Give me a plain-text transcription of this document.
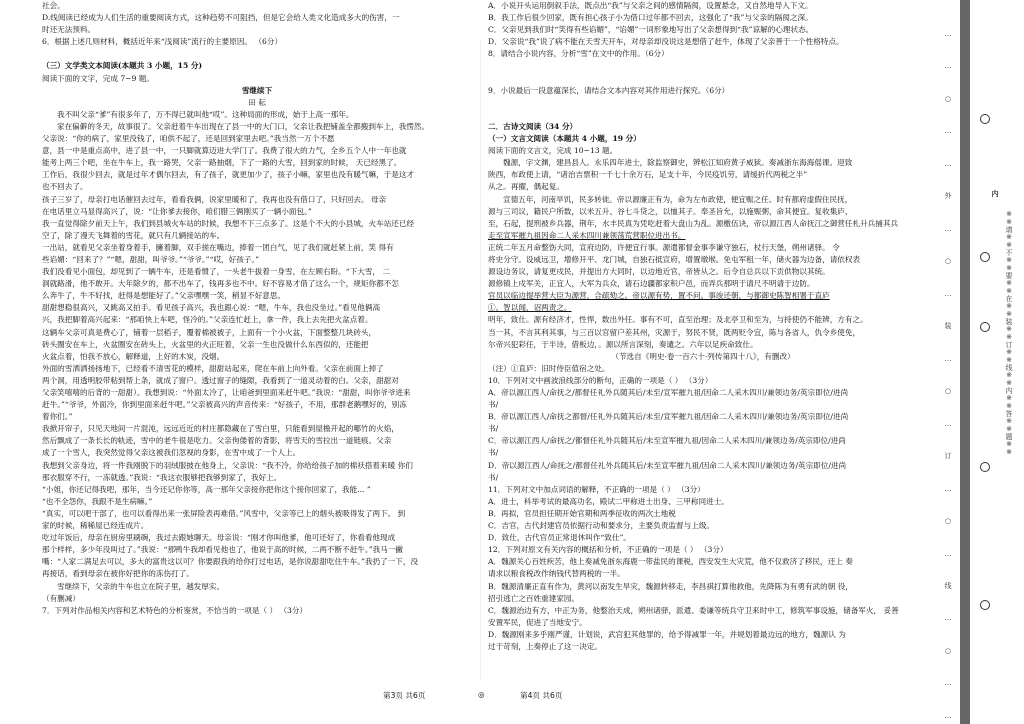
社会。

D.线阅读已经成为人们生活的重要阅读方式，这种趋势不可阻挡，但是它会给人类文化造成多大的伤害，一

时还无法预料。

6．根据上述几则材料，概括近年来“浅阅读”流行的主要原因。 （6分）

（三）文学类文本阅读(本题共 3 小题，15 分)

阅读下面的文字，完成 7~9 题。

雪继续下

田 耘

我不叫父亲“爹”有很多年了，万不得已就叫他“哎”。这种局面的形成，始于上高一那年。

家在偏僻的冬天，故事很了。父亲赶着牛车出现在了县一中的大门口，父亲让我把铺盖全都搬到车上，我愣然。

父亲说：“你的病了，家里没钱了，咱供不起了，还是回到家里去吧。”我当然一万个不愿

意，县一中是重点高中，进了县一中，一只脚就算迈进大学门了。我费了很大的力气，全乡五个人中一年也就

能考上两三个吧，坐在牛车上，我一路哭，父亲一路抽烟，下了一路的大雪，回到家的时候， 天已经黑了。

工作后，我很少回去，就是过年才偶尔回去，有了孩子，就更加少了，孩子小嘛，家里也没有暖气嘛，于是这才

也不回去了。

孩子三岁了，母亲打电话催回去过年，看看我俩，说家里暖和了，我再也没有借口了，只好回去。 母亲

在电话里立马显得高兴了，说：“让你爹去接你，咱们腊三俩刚买了一辆小面包。”

我一直觉得除夕前天上午，我们到县城火车站的时候，我想不下三点多了。这是个不大的小县城，火车站还已经

空了，除了漫天飞舞着的雪花，就只有几辆接站的车。

一出站，就看见父亲坐着身着手，臃着脚，双手搓在嘴边，捧着一团白气，见了我们就赶紧上前，笑 得有

些谄媚：“回来了？”“嗯，甜甜，叫爷爷。”“爷爷。”“哎，好孩子。”

我们没看见小面包，却见到了一辆牛车，还是看惯了，一头老牛拔着一身雪，在左顾右盼。“下大雪， 二

洞就路滑，他不敢开。大年除夕的，都不出车了，钱再多也不中。好不容易才借了这么一个，规矩你都不怎

么奔牛了，牛不好找，赶得是想能好了。”父亲嘿嘿一笑，稍显不好意思。

甜甜想稳很高兴，又跳高又拍手。看见孩子高兴，我也跟心说：“嗯，牛车，我也没坐过。”看见他俩高

兴，我把脚着高兴起来：“那咱快上车吧，怪冷的。”父亲连忙赶上，拿一件，我上去先把火盆点着。

这辆车父亲可真是费心了，铺着一层稻子，覆着棉被被子，上面有一个小火盆，下面整整几块砖头，

砖头圈安在车上，火盆圈安在砖头上，火盆里的火正旺着，父亲一生也没做什么东西似的，还能把

火盆点着，怕我不放心，解释道，上好的木炭，没烟。

外面的雪洒洒扬扬地下，已经看不清雪花的模样，甜甜站起来，爬在车前上向外看。父亲在前面上掉了

两个洞，用透明胶带粘到帮上条，就成了窗户。透过窗子的缝隙，我看到了一道灵动着的白。父亲，甜甜对

父亲笑嘻嘻的后背的一甜甜）。我想到说：“外面太冷了，让咱爸到里面来赶牛吧。”我说：“甜甜，叫你爷爷进来

赶牛。”“爷爷，外面冷，你到里面来赶牛吧。”父亲被高兴的声音传来：“好孩子，不用，那群老鹅嘿好的，别冻

着你们。”

我掀开帘子，只见天地间一片混沌，远远近近的村庄都隐藏在了雪白里，只能看到屋檐开起的哪竹的火焰，

然后飘成了一条长长的轨迹，雪中的老牛很是吃力。父亲佝偻着的背影，将雪天的雪拉出一道链痕。父亲

成了一个雪人，我突然觉得父亲这被我们忽视的身影，在雪中成了一个人上。

我想到父亲身边，将一件我刚脱下的羽绒服披在他身上，父亲说：“我不冷，你给给孩子加的棉袄搭着来暖 你们

那衣服穿不行，一冻就透。”我说：“我这衣服够把我够到家了，我好上。

“小姐，你还记得我吧，那年，当今还记你你等，高一那年父亲接你把你这个接你回家了，我能... ”

“也不全怨你，我跟不是生病嘛。”

“真实，可以吧干部了，也可以看得出来一张屏险表再难借。”风雪中，父亲等已上的烟头被吸得发了两下。 到

家的时候，稀稀屋已经连成片。

吃过年饭后，母亲在厨房里刷碗，我过去跟她聊天。母亲说：“刚才你叫他爹，他可还好了，你看看他现成

那个样样，多少年没叫过了。”我说：“那鸭牛我却看见他也了，他说于高的时候，二两不断不赶牛。”我马一撇

嘴：“人家二满足去可以，多大的富贵这以可？你要跟我的给你打过电话，是你说甜甜吃住牛车。”我扔了一下，没

再接话，看到母亲在被你好把你的冻伤打了。

雪继续下，父亲的牛车也立在院子里，越发厚实。

（有删减）

7．下列对作品相关内容和艺术特色的分析鉴赏，不恰当的一项是（ ） （3分）

A．小说开头运用倒叙手法，既点出“我”与父亲之间的感情隔阂，设置悬念，又自然地导入下文。

B．我工作后很少回家，既有担心孩子小为借口过年都不回去，这强化了“我”与父亲的隔阂之深。

C．父亲见到我们时“笑得有些谄媚”，“谄媚”一词形象地写出了父亲想得到“我”谅解的心理状态。

D．父亲说“我”说了病不能在天雪天开车，对母亲却没说这是想借了赶牛，体现了父亲善于一个性格特点。

8．请结合小说内容，分析“雪”在文中的作用。（6分）

9．小说最后一段意蕴深长，请结合文本内容对其作用进行探究。（6分）

二．古诗文阅读（34 分）

（一）文言文阅读（本题共 4 小题，19 分）

阅读下面的文言文，完成 10~13 题。

魏源，字文渊，建昌县人。永乐四年进士，除监察御史，辨松江知府黄子威狱。奏减浙东海海傜课。迎致

陕西，布政使上请，“诸治吉票积一千七十余万石，足支十年，今民疫饥劳，请缓折代两税之半”

从之。再擢，偶起复。

宣德五年，河南旱饥，民多转徙。帝以源廉正有为，命为左布政使，便宜赈之任。时有都府虚假住民抚，

源与三司议，籍民户所数，以米五升、谷七斗贷之，以恤其子。奉圣旨允，以施赈粥，命其便宜。复收集庐、

至，石起，提刑被乡兵器，荆年，水丰民真为凭吃赶着大盘山为乱。源檄伍诀，帝以源江西人命抚江之御营任札升兵捕其兵

走至宣军摧九祖因命二人采木四川兼领荡荒营职位进出书。

正统二年五月命整饬大同，宣府边防，许便宜行事。源遣都督金事李谦守独石，杖行天堡，朔州诸驿。 令

将史分守。设威远卫，增修开平、龙门城，自独石抵宣府，增置墩堠。免屯军租一年，储火器为边备，请依权表

源设边务议，请复更戍民，并提出方大同时，以边地近官，帝皆从之。后令自总兵以下贡供物以其统。

源修镇上戍军关，正宜人，大军为兵众，请石边疆都家积户邑，而弄兵那明于请尺不明请于边防。

官员以临边提举营大臣为源营，合疏劾之。帝以源有势，置不问。事竣还朝，与都御史陈智相署于直庐

①。智以闻，诏两责之。

明年，致仕。源有经济才，性悍，数出外任。事有不可，直至治理；及北亭卫和至为，与持使仍不能辨，方有之。

当一其，不言其利其事，与三百以官留户差其州，灾源于，努民不贤，既两贬令宜，陈与各省人，仇令乡使免，

尔帝兴犯彩任，于半诗，借板边，。源以所言深刻，奏谴之。六年以足疾命致仕。

（节选自《明史·卷一百六十·列传第四十八》，有删改）

（注）①直庐：旧时侍臣值宿之处。

10．下列对文中画波浪线部分的断句，正确的一项是（ ） （3分）

A．帝以源江西人/命抚之/都督任礼外兵随其后/未至/宣军摧九祖/因命二人采木四川/兼领边务/英宗即位/进尚

书/

B．帝以源江西人/命抚之都督/任礼外兵随其后/未至/宣军摧九祖/因命二人采木四川/兼领边务/英宗即位/进尚

书/

C．帝以源江西人/命抚之/都督任礼外兵随其后/未至宣军摧九祖/因命二人采木四川/兼领边务/英宗即位/进尚

书/

D．帝以源江西人/命抚之/都督任礼外兵随其后/未至宣军摧九祖/因命二人采木四川/兼领边务/英宗即位/进尚

书/

11．下列对文中加点词语的解释，不正确的一项是（ ） （3分）

A．进士，科举考试的最高功名，殿试二甲称进士出身、三甲称同进士。

B．再拟，官员担任期开始官期和两季征收的两次土地税

C．吉官，古代封建官员依据行动和要求分，主要负责监督与上级。

D．致仕，古代官员正常退休叫作“致仕”。

12．下列对原文有关内容的概括和分析，不正确的一项是（ ） （3分）

A．魏源关心百姓疾苦，他上奏减免浙东海鹿一带盐民的课税，西安发生大灾荒，他不仅救济了移民，还上 奏

请求以粮食税改作纳钱代替两税的一半。

B．魏源清廉正直有作为，黄河以南发生旱灾，魏源转移走，李昌祺打算他救他，先降陈为有勇有武的朝 役，

招引逃亡之百姓重建家园。

C．魏源治边有方，中正为务，他整治天成，朔州诸驿，派遣、委谦等统兵守卫来时中工，修筑军事设施，储备军火， 妥善

安置军民，促进了当地安宁。

D．魏源刚来多乎刚严谨，计划说，武官犯其他罪的，给予得减罪一年，并规划着最边远的地方，魏源认 为

过于苛刻，上奏停止了这一决定。

…
…
○
…
…
外
…
○
…
装
…
○
…
订
…
○
…
线
…
○
…
…
内
※※请※※不※※要※※在※※装※※订※※线※※内※※答※※题※※
第3页 共6页	◎	第4页 共6页
